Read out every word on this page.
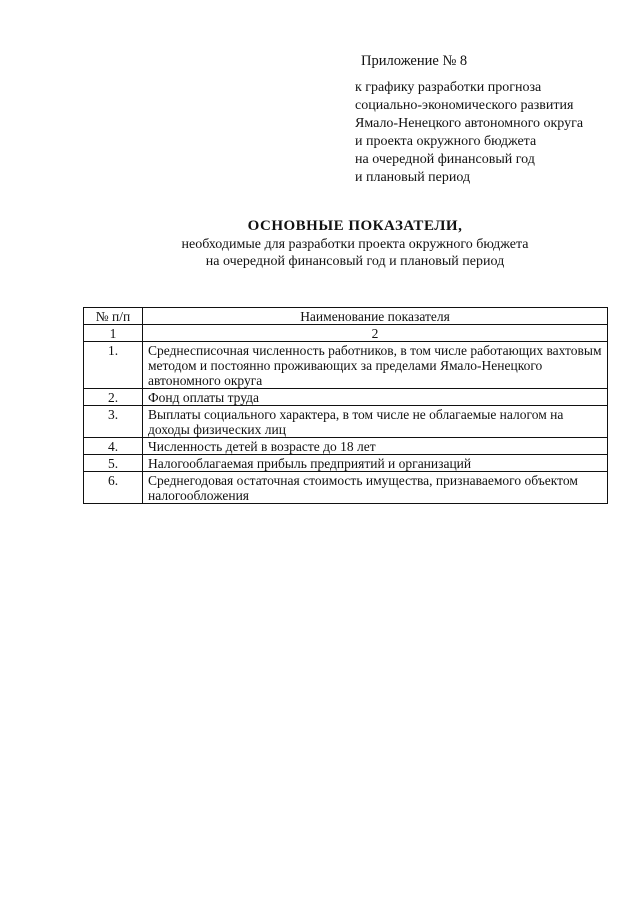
Приложение № 8
к графику разработки прогноза
социально-экономического развития
Ямало-Ненецкого автономного округа
и проекта окружного бюджета
на очередной финансовый год
и плановый период
ОСНОВНЫЕ ПОКАЗАТЕЛИ,
необходимые для разработки проекта окружного бюджета
на очередной финансовый год и плановый период
№ п/п	Наименование показателя
1	2
1.	Среднесписочная численность работников, в том числе работающих вахтовым методом и постоянно проживающих за пределами Ямало-Ненецкого автономного округа
2.	Фонд оплаты труда
3.	Выплаты социального характера, в том числе не облагаемые налогом на доходы физических лиц
4.	Численность детей в возрасте до 18 лет
5.	Налогооблагаемая прибыль предприятий и организаций
6.	Среднегодовая остаточная стоимость имущества, признаваемого объектом налогообложения
